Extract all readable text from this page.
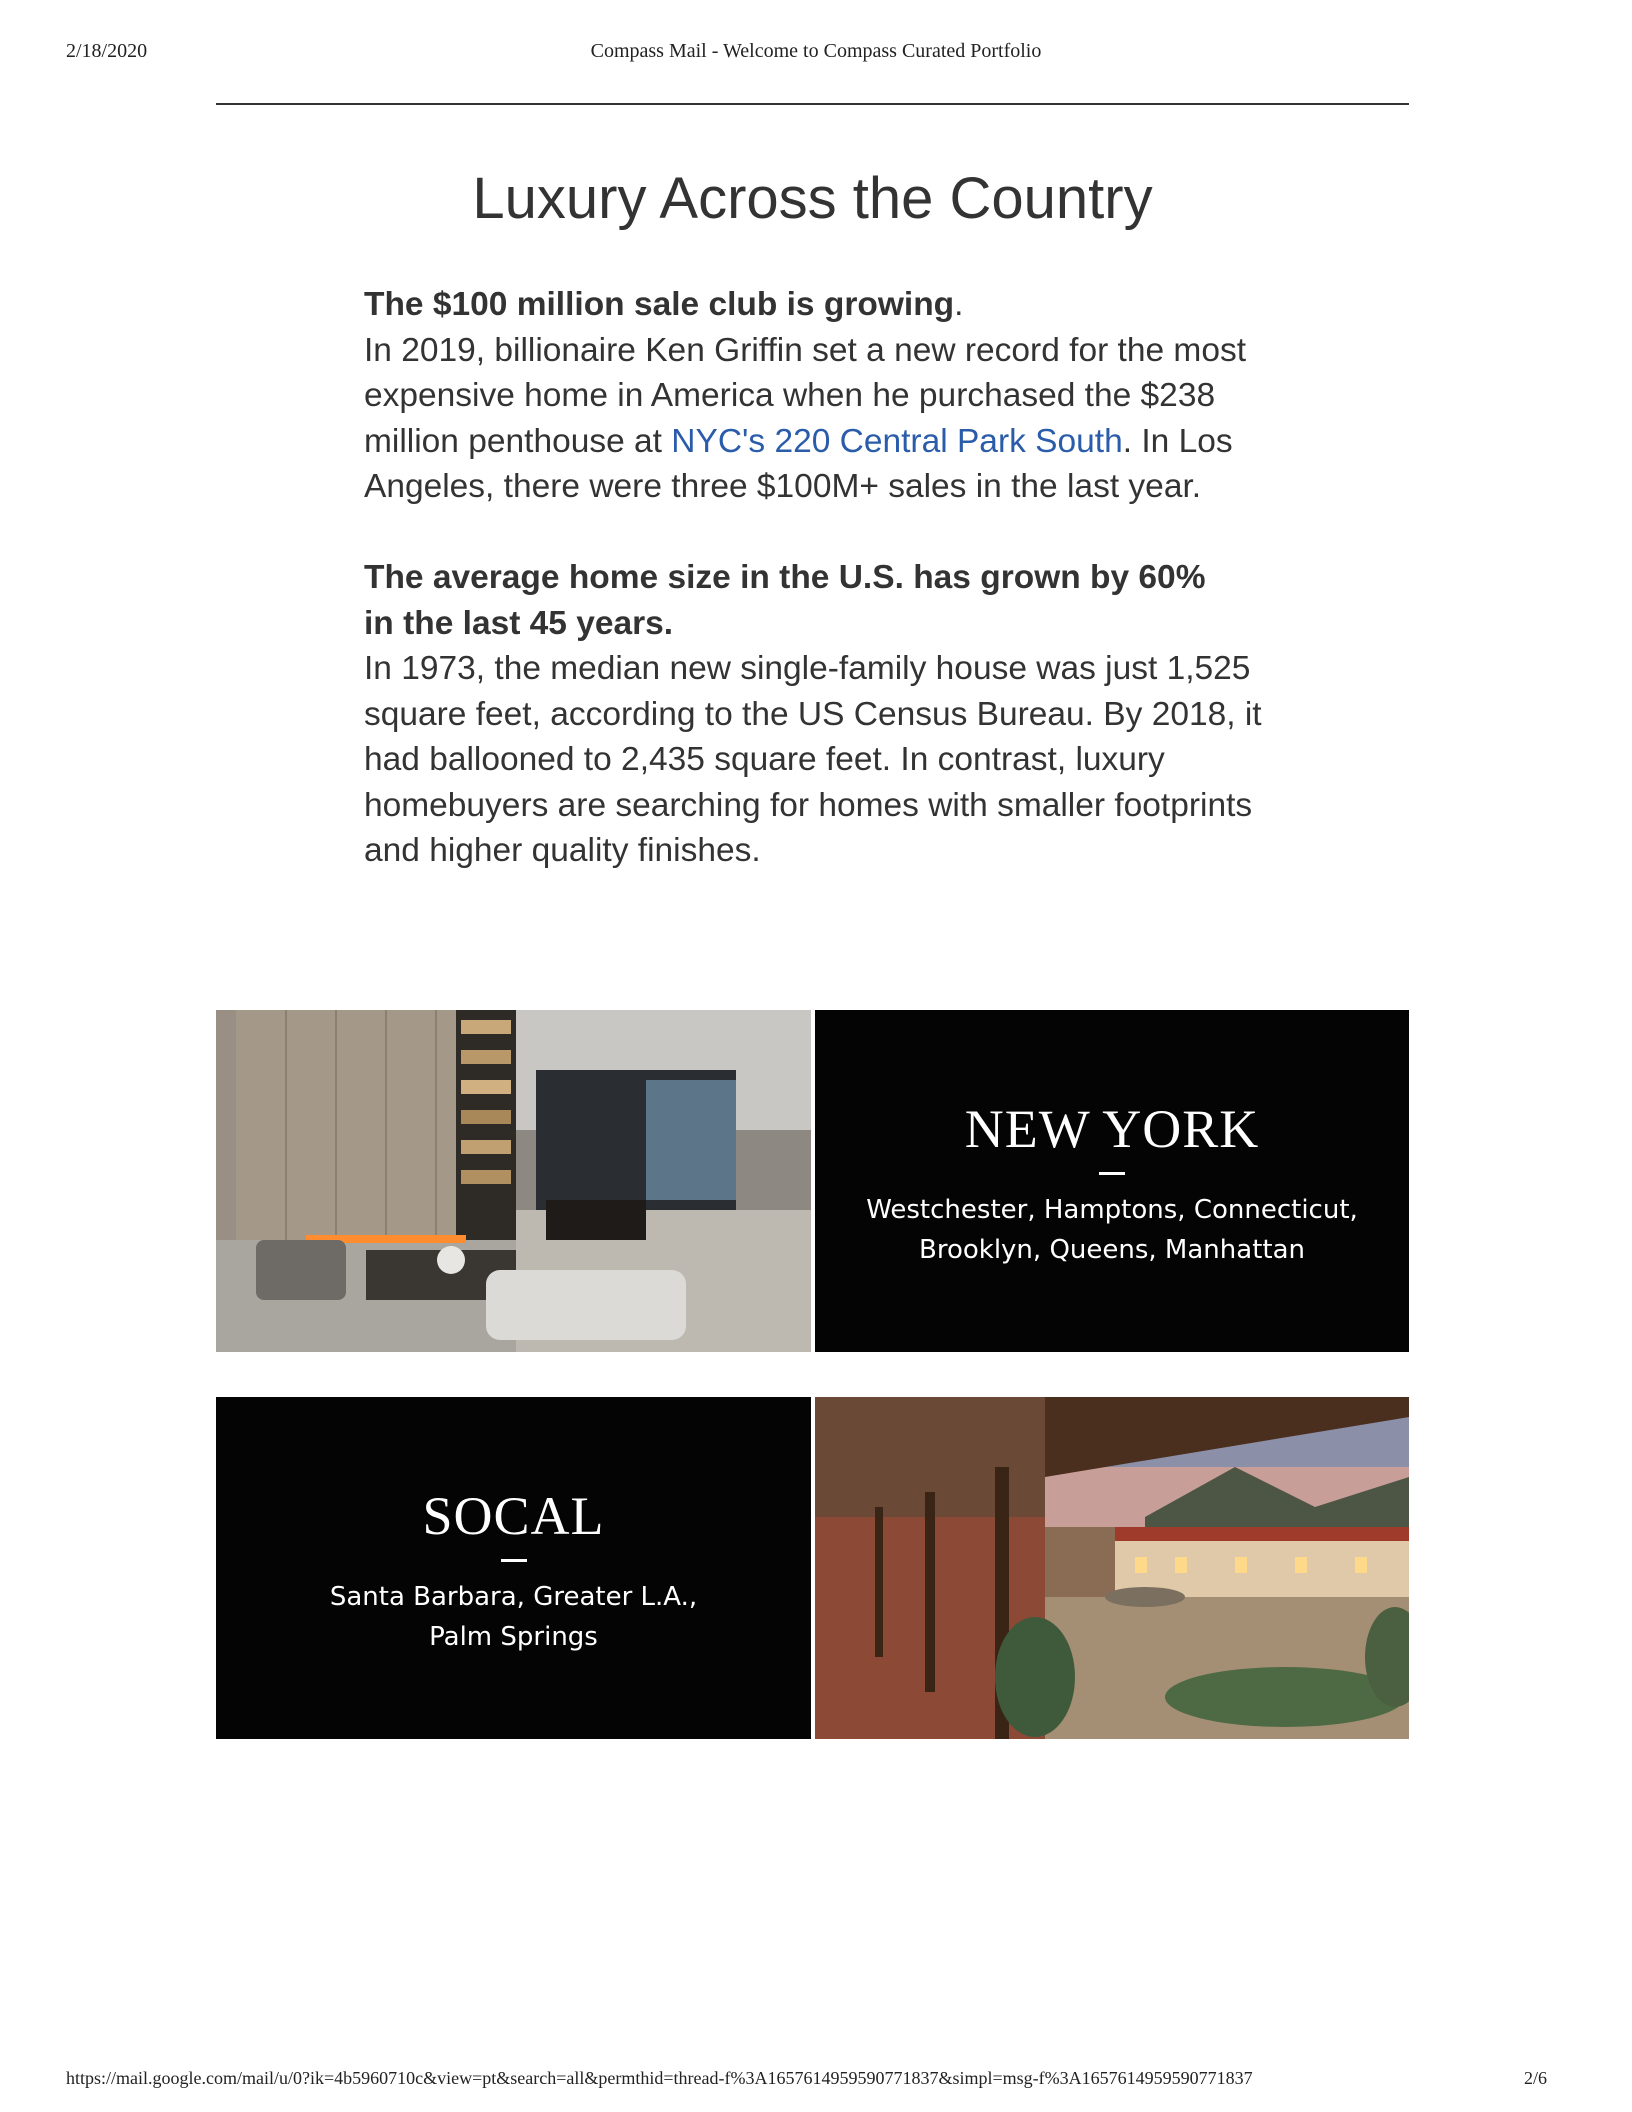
2/18/2020	Compass Mail - Welcome to Compass Curated Portfolio
Luxury Across the Country

The $100 million sale club is growing.
In 2019, billionaire Ken Griffin set a new record for the most expensive home in America when he purchased the $238 million penthouse at NYC's 220 Central Park South. In Los Angeles, there were three $100M+ sales in the last year.

The average home size in the U.S. has grown by 60%
in the last 45 years.
In 1973, the median new single-family house was just 1,525 square feet, according to the US Census Bureau. By 2018, it had ballooned to 2,435 square feet. In contrast, luxury homebuyers are searching for homes with smaller footprints and higher quality finishes.

NEW YORK
Westchester, Hamptons, Connecticut,
Brooklyn, Queens, Manhattan
SOCAL
Santa Barbara, Greater L.A.,
Palm Springs
https://mail.google.com/mail/u/0?ik=4b5960710c&view=pt&search=all&permthid=thread-f%3A1657614959590771837&simpl=msg-f%3A1657614959590771837	2/6
